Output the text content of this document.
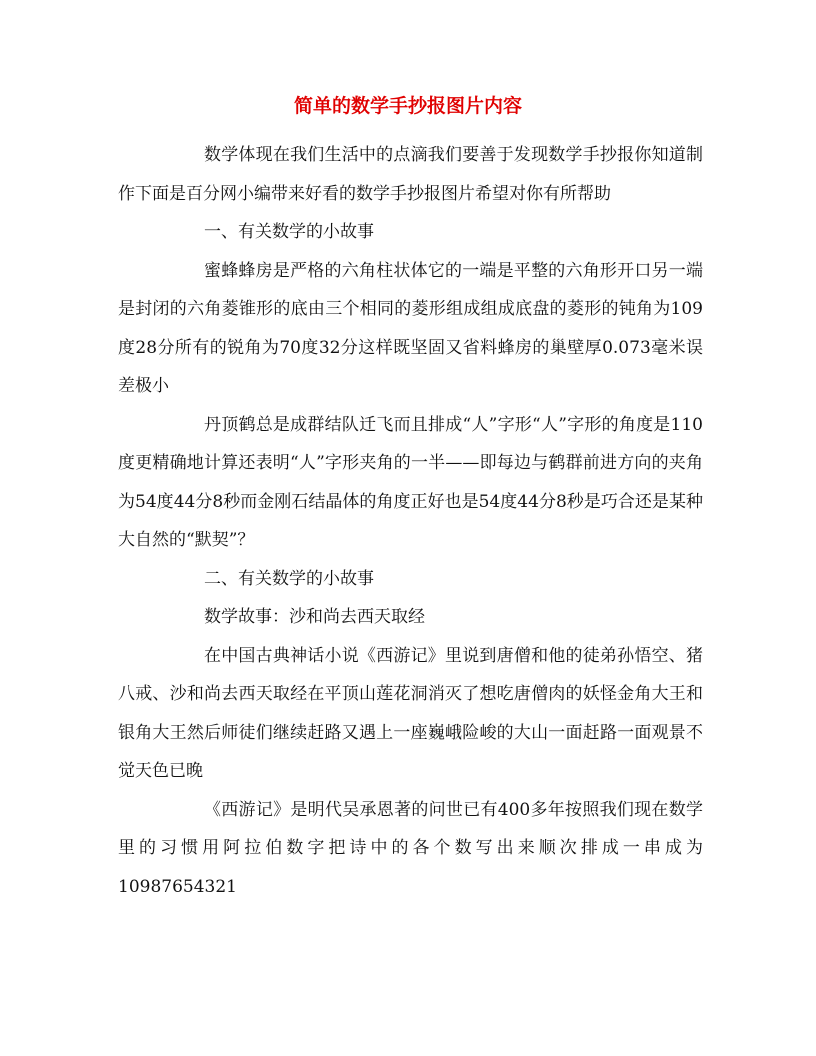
简单的数学手抄报图片内容

数学体现在我们生活中的点滴我们要善于发现数学手抄报你知道制作下面是百分网小编带来好看的数学手抄报图片希望对你有所帮助

一、有关数学的小故事

蜜蜂蜂房是严格的六角柱状体它的一端是平整的六角形开口另一端是封闭的六角菱锥形的底由三个相同的菱形组成组成底盘的菱形的钝角为109度28分所有的锐角为70度32分这样既坚固又省料蜂房的巢壁厚0.073毫米误差极小

丹顶鹤总是成群结队迁飞而且排成“人”字形“人”字形的角度是110度更精确地计算还表明“人”字形夹角的一半——即每边与鹤群前进方向的夹角为54度44分8秒而金刚石结晶体的角度正好也是54度44分8秒是巧合还是某种大自然的“默契”？

二、有关数学的小故事

数学故事：沙和尚去西天取经

在中国古典神话小说《西游记》里说到唐僧和他的徒弟孙悟空、猪八戒、沙和尚去西天取经在平顶山莲花洞消灭了想吃唐僧肉的妖怪金角大王和银角大王然后师徒们继续赶路又遇上一座巍峨险峻的大山一面赶路一面观景不觉天色已晚

《西游记》是明代吴承恩著的问世已有400多年按照我们现在数学里的习惯用阿拉伯数字把诗中的各个数写出来顺次排成一串成为10987654321
